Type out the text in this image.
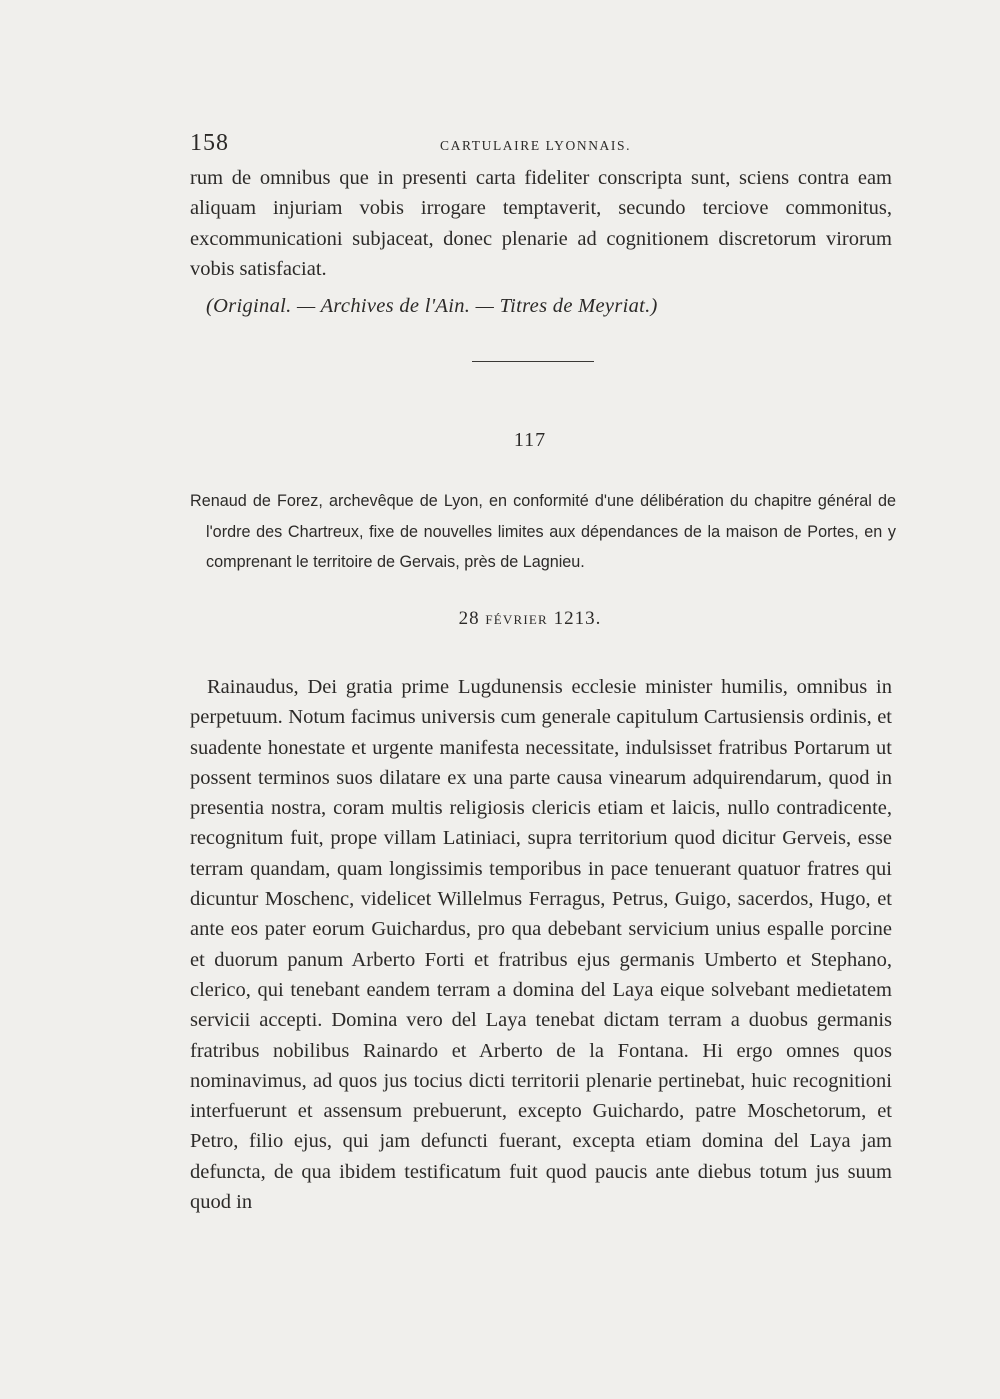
158	CARTULAIRE LYONNAIS.

rum de omnibus que in presenti carta fideliter conscripta sunt, sciens contra eam aliquam injuriam vobis irrogare temptaverit, secundo terciove commonitus, excommunicationi subjaceat, donec plenarie ad cognitionem discretorum virorum vobis satisfaciat.

(Original. — Archives de l'Ain. — Titres de Meyriat.)
117
Renaud de Forez, archevêque de Lyon, en conformité d'une délibération du chapitre général de l'ordre des Chartreux, fixe de nouvelles limites aux dépendances de la maison de Portes, en y comprenant le territoire de Gervais, près de Lagnieu.
28 FÉVRIER 1213.

Rainaudus, Dei gratia prime Lugdunensis ecclesie minister humilis, omnibus in perpetuum. Notum facimus universis cum generale capitulum Cartusiensis ordinis, et suadente honestate et urgente manifesta necessitate, indulsisset fratribus Portarum ut possent terminos suos dilatare ex una parte causa vinearum adquirendarum, quod in presentia nostra, coram multis religiosis clericis etiam et laicis, nullo contradicente, recognitum fuit, prope villam Latiniaci, supra territorium quod dicitur Gerveis, esse terram quandam, quam longissimis temporibus in pace tenuerant quatuor fratres qui dicuntur Moschenc, videlicet Willelmus Ferragus, Petrus, Guigo, sacerdos, Hugo, et ante eos pater eorum Guichardus, pro qua debebant servicium unius espalle porcine et duorum panum Arberto Forti et fratribus ejus germanis Umberto et Stephano, clerico, qui tenebant eandem terram a domina del Laya eique solvebant medietatem servicii accepti. Domina vero del Laya tenebat dictam terram a duobus germanis fratribus nobilibus Rainardo et Arberto de la Fontana. Hi ergo omnes quos nominavimus, ad quos jus tocius dicti territorii plenarie pertinebat, huic recognitioni interfuerunt et assensum prebuerunt, excepto Guichardo, patre Moschetorum, et Petro, filio ejus, qui jam defuncti fuerant, excepta etiam domina del Laya jam defuncta, de qua ibidem testificatum fuit quod paucis ante diebus totum jus suum quod in
